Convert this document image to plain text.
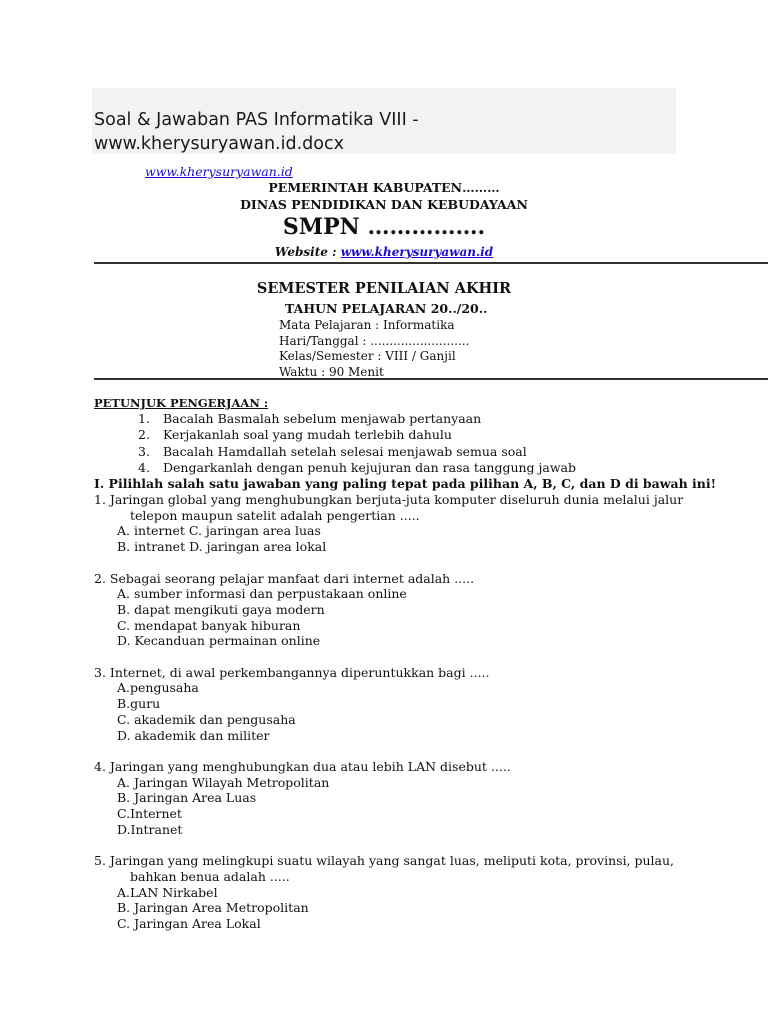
Soal & Jawaban PAS Informatika VIII - www.kherysuryawan.id.docx
www.kherysuryawan.id
PEMERINTAH KABUPATEN………
DINAS PENDIDIKAN DAN KEBUDAYAAN
SMPN …………….
Website : www.kherysuryawan.id
SEMESTER PENILAIAN AKHIR
TAHUN PELAJARAN 20../20..
Mata Pelajaran : Informatika
Hari/Tanggal : ..........................
Kelas/Semester : VIII / Ganjil
Waktu : 90 Menit
PETUNJUK PENGERJAAN :
1.	Bacalah Basmalah sebelum menjawab pertanyaan
2.	Kerjakanlah soal yang mudah terlebih dahulu
3.	Bacalah Hamdallah setelah selesai menjawab semua soal
4.	Dengarkanlah dengan penuh kejujuran dan rasa tanggung jawab
I. Pilihlah salah satu jawaban yang paling tepat pada pilihan A, B, C, dan D di bawah ini!
1. Jaringan global yang menghubungkan berjuta-juta komputer diseluruh dunia melalui jalur telepon maupun satelit adalah pengertian .....
A. internet C. jaringan area luas
B. intranet D. jaringan area lokal
2. Sebagai seorang pelajar manfaat dari internet adalah .....
A. sumber informasi dan perpustakaan online
B. dapat mengikuti gaya modern
C. mendapat banyak hiburan
D. Kecanduan permainan online
3. Internet, di awal perkembangannya diperuntukkan bagi .....
A.pengusaha
B.guru
C. akademik dan pengusaha
D. akademik dan militer
4. Jaringan yang menghubungkan dua atau lebih LAN disebut .....
A. Jaringan Wilayah Metropolitan
B. Jaringan Area Luas
C.Internet
D.Intranet
5. Jaringan yang melingkupi suatu wilayah yang sangat luas, meliputi kota, provinsi, pulau, bahkan benua adalah .....
A.LAN Nirkabel
B. Jaringan Area Metropolitan
C. Jaringan Area Lokal
